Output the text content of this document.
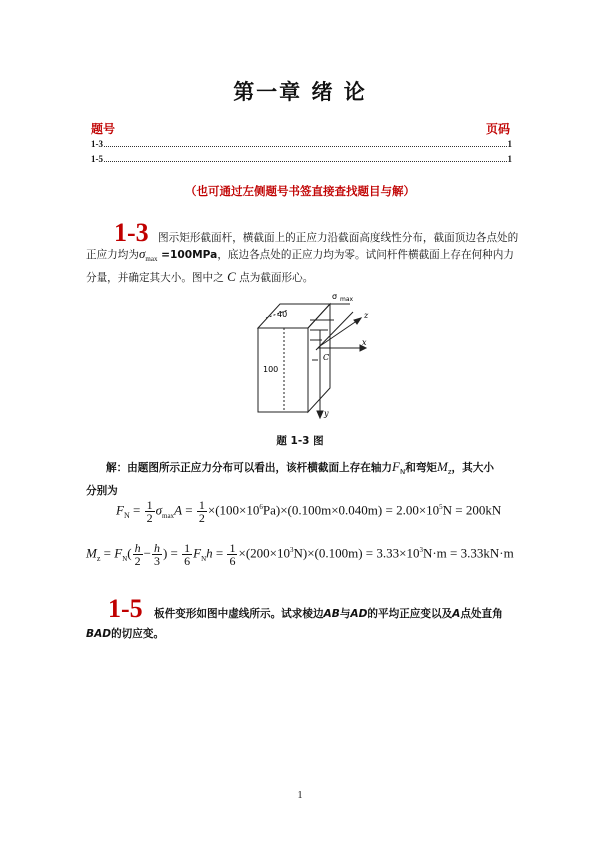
第一章 绪 论
题号	页码
1-3	1
1-5	1
（也可通过左侧题号书签直接查找题目与解）
1-3 图示矩形截面杆，横截面上的正应力沿截面高度线性分布，截面顶边各点处的
正应力均为$\sigma_{max} =100MPa$，底边各点处的正应力均为零。试问杆件横截面上存在何种内力
分量，并确定其大小。图中之 C 点为截面形心。
σ max
40
100
z
x
y
C
题 1-3 图
解：由题图所示正应力分布可以看出，该杆横截面上存在轴力$F_N$和弯矩$M_z$，其大小
分别为
$F_N = \frac{1}{2} \sigma_{max}A = \frac{1}{2} \times(100\times 10^6Pa)\times(0.100m\times 0.040m) = 2.00\times 10^5N = 200kN$
$M_z = F_N( \frac{h}{2} - \frac{h}{3}$ ) = $\frac{1}{6} F_Nh = \frac{1}{6} \times(200\times 10^3N)\times(0.100m) = 3.33\times 10^3N\cdot m = 3.33kN\cdot m$
1-5 板件变形如图中虚线所示。试求棱边AB与AD的平均正应变以及A点处直角
BAD的切应变。
1
